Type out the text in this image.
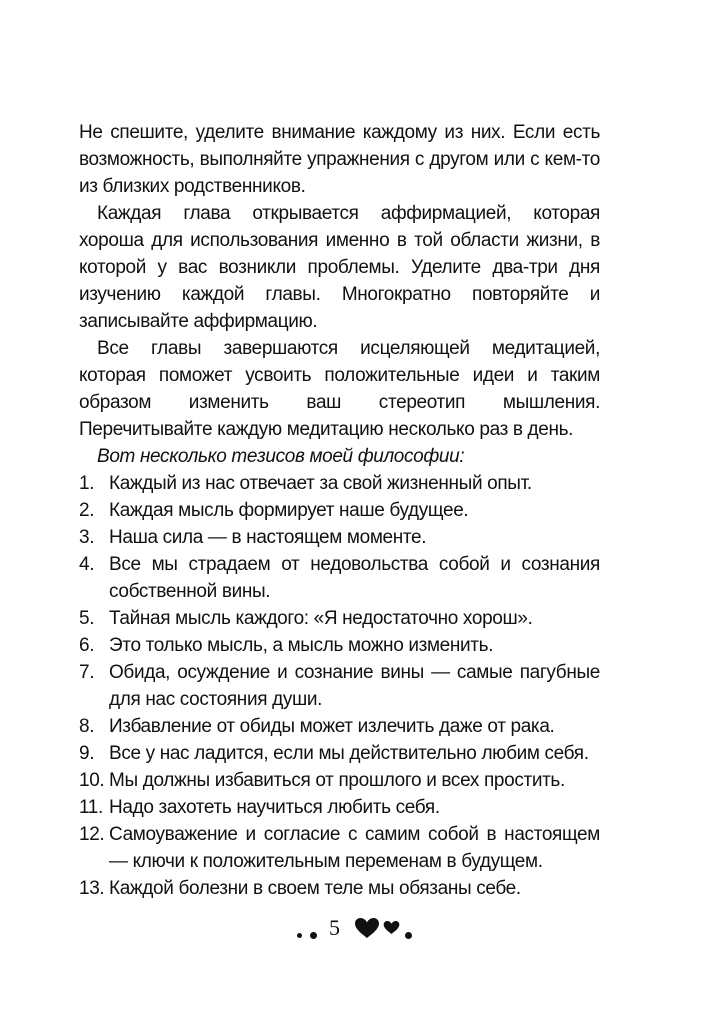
Не спешите, уделите внимание каждому из них. Если есть возможность, выполняйте упражнения с другом или с кем-то из близких родственников.

Каждая глава открывается аффирмацией, которая хороша для использования именно в той области жизни, в которой у вас возникли проблемы. Уделите два-три дня изучению каждой главы. Многократно повторяйте и записывайте аффирмацию.

Все главы завершаются исцеляющей медитацией, которая поможет усвоить положительные идеи и таким образом изменить ваш стереотип мышления. Перечитывайте каждую медитацию несколько раз в день.

Вот несколько тезисов моей философии:

1. Каждый из нас отвечает за свой жизненный опыт.
2. Каждая мысль формирует наше будущее.
3. Наша сила — в настоящем моменте.
4. Все мы страдаем от недовольства собой и сознания собственной вины.
5. Тайная мысль каждого: «Я недостаточно хорош».
6. Это только мысль, а мысль можно изменить.
7. Обида, осуждение и сознание вины — самые пагубные для нас состояния души.
8. Избавление от обиды может излечить даже от рака.
9. Все у нас ладится, если мы действительно любим себя.
10. Мы должны избавиться от прошлого и всех простить.
11. Надо захотеть научиться любить себя.
12. Самоуважение и согласие с самим собой в настоящем — ключи к положительным переменам в будущем.
13. Каждой болезни в своем теле мы обязаны себе.
5
